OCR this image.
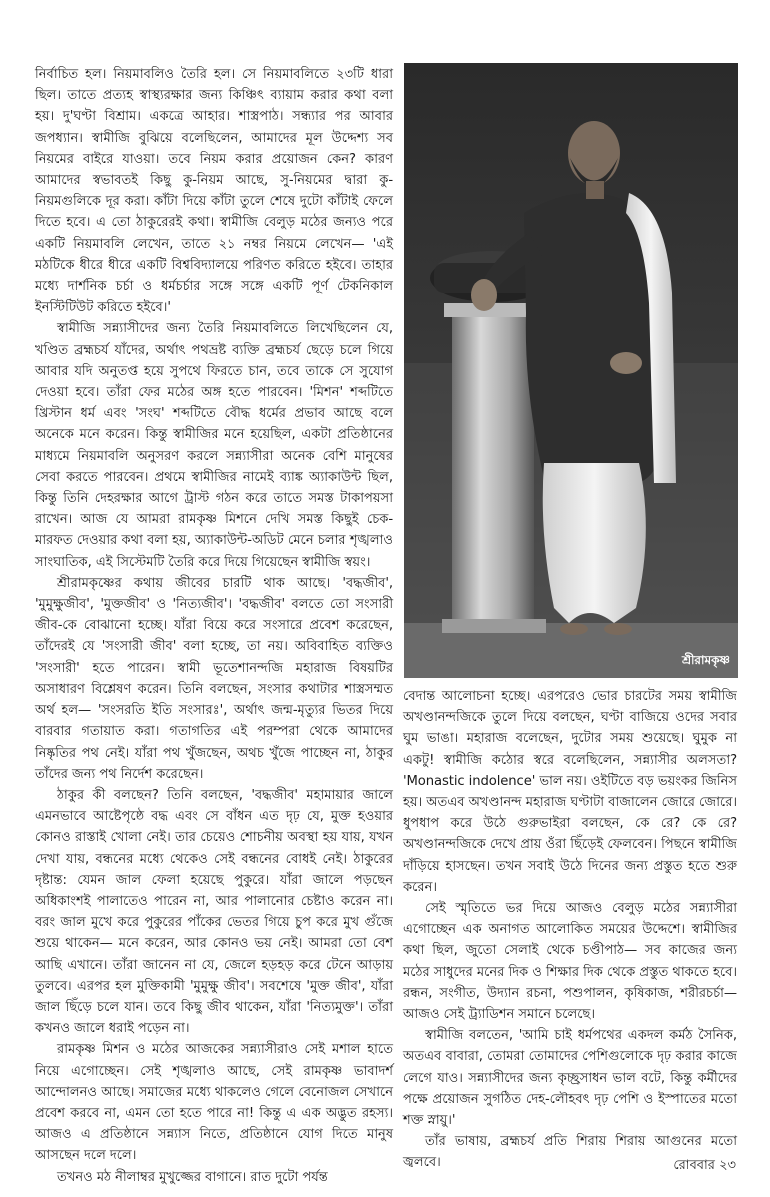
নির্বাচিত হল। নিয়মাবলিও তৈরি হল। সে নিয়মাবলিতে ২৩টি ধারা ছিল। তাতে প্রত্যহ স্বাস্থ্যরক্ষার জন্য কিঞ্চিৎ ব্যায়াম করার কথা বলা হয়। দু'ঘণ্টা বিশ্রাম। একত্রে আহার। শাস্ত্রপাঠ। সন্ধ্যার পর আবার জপধ্যান। স্বামীজি বুঝিয়ে বলেছিলেন, আমাদের মূল উদ্দেশ্য সব নিয়মের বাইরে যাওয়া। তবে নিয়ম করার প্রয়োজন কেন? কারণ আমাদের স্বভাবতই কিছু কু-নিয়ম আছে, সু-নিয়মের দ্বারা কু-নিয়মগুলিকে দূর করা। কাঁটা দিয়ে কাঁটা তুলে শেষে দুটো কাঁটাই ফেলে দিতে হবে। এ তো ঠাকুরেরই কথা। স্বামীজি বেলুড় মঠের জন্যও পরে একটি নিয়মাবলি লেখেন, তাতে ২১ নম্বর নিয়মে লেখেন— 'এই মঠটিকে ধীরে ধীরে একটি বিশ্ববিদ্যালয়ে পরিণত করিতে হইবে। তাহার মধ্যে দার্শনিক চর্চা ও ধর্মচর্চার সঙ্গে সঙ্গে একটি পূর্ণ টেকনিকাল ইনস্টিটিউট করিতে হইবে।'

স্বামীজি সন্ন্যাসীদের জন্য তৈরি নিয়মাবলিতে লিখেছিলেন যে, খণ্ডিত ব্রহ্মচর্য যাঁদের, অর্থাৎ পথভ্রষ্ট ব্যক্তি ব্রহ্মচর্য ছেড়ে চলে গিয়ে আবার যদি অনুতপ্ত হয়ে সুপথে ফিরতে চান, তবে তাকে সে সুযোগ দেওয়া হবে। তাঁরা ফের মঠের অঙ্গ হতে পারবেন। 'মিশন' শব্দটিতে খ্রিস্টান ধর্ম এবং 'সংঘ' শব্দটিতে বৌদ্ধ ধর্মের প্রভাব আছে বলে অনেকে মনে করেন। কিন্তু স্বামীজির মনে হয়েছিল, একটা প্রতিষ্ঠানের মাধ্যমে নিয়মাবলি অনুসরণ করলে সন্ন্যাসীরা অনেক বেশি মানুষের সেবা করতে পারবেন। প্রথমে স্বামীজির নামেই ব্যাঙ্ক অ্যাকাউন্ট ছিল, কিন্তু তিনি দেহরক্ষার আগে ট্রাস্ট গঠন করে তাতে সমস্ত টাকাপয়সা রাখেন। আজ যে আমরা রামকৃষ্ণ মিশনে দেখি সমস্ত কিছুই চেক-মারফত দেওয়ার কথা বলা হয়, অ্যাকাউন্ট-অডিট মেনে চলার শৃঙ্খলাও সাংঘাতিক, এই সিস্টেমটি তৈরি করে দিয়ে গিয়েছেন স্বামীজি স্বয়ং।

শ্রীরামকৃষ্ণের কথায় জীবের চারটি থাক আছে। 'বদ্ধজীব', 'মুমুক্ষুজীব', 'মুক্তজীব' ও 'নিত্যজীব'। 'বদ্ধজীব' বলতে তো সংসারী জীব-কে বোঝানো হচ্ছে। যাঁরা বিয়ে করে সংসারে প্রবেশ করেছেন, তাঁদেরই যে 'সংসারী জীব' বলা হচ্ছে, তা নয়। অবিবাহিত ব্যক্তিও 'সংসারী' হতে পারেন। স্বামী ভূতেশানন্দজি মহারাজ বিষয়টির অসাধারণ বিশ্লেষণ করেন। তিনি বলছেন, সংসার কথাটার শাস্ত্রসম্মত অর্থ হল— 'সংসরতি ইতি সংসারঃ', অর্থাৎ জন্ম-মৃত্যুর ভিতর দিয়ে বারবার গতায়াত করা। গতাগতির এই পরম্পরা থেকে আমাদের নিষ্কৃতির পথ নেই। যাঁরা পথ খুঁজছেন, অথচ খুঁজে পাচ্ছেন না, ঠাকুর তাঁদের জন্য পথ নির্দেশ করেছেন।

ঠাকুর কী বলছেন? তিনি বলছেন, 'বদ্ধজীব' মহামায়ার জালে এমনভাবে আষ্টেপৃষ্ঠে বদ্ধ এবং সে বাঁধন এত দৃঢ় যে, মুক্ত হওয়ার কোনও রাস্তাই খোলা নেই। তার চেয়েও শোচনীয় অবস্থা হয় যায়, যখন দেখা যায়, বন্ধনের মধ্যে থেকেও সেই বন্ধনের বোধই নেই। ঠাকুরের দৃষ্টান্ত: যেমন জাল ফেলা হয়েছে পুকুরে। যাঁরা জালে পড়ছেন অধিকাংশই পালাতেও পারেন না, আর পালানোর চেষ্টাও করেন না। বরং জাল মুখে করে পুকুরের পাঁকের ভেতর গিয়ে চুপ করে মুখ গুঁজে শুয়ে থাকেন— মনে করেন, আর কোনও ভয় নেই। আমরা তো বেশ আছি এখানে। তাঁরা জানেন না যে, জেলে হড়হড় করে টেনে আড়ায় তুলবে। এরপর হল মুক্তিকামী 'মুমুক্ষু জীব'। সবশেষে 'মুক্ত জীব', যাঁরা জাল ছিঁড়ে চলে যান। তবে কিছু জীব থাকেন, যাঁরা 'নিত্যমুক্ত'। তাঁরা কখনও জালে ধরাই পড়েন না।

রামকৃষ্ণ মিশন ও মঠের আজকের সন্ন্যাসীরাও সেই মশাল হাতে নিয়ে এগোচ্ছেন। সেই শৃঙ্খলাও আছে, সেই রামকৃষ্ণ ভাবাদর্শ আন্দোলনও আছে। সমাজের মধ্যে থাকলেও গেলে বেনোজল সেখানে প্রবেশ করবে না, এমন তো হতে পারে না! কিন্তু এ এক অদ্ভুত রহস্য। আজও এ প্রতিষ্ঠানে সন্ন্যাস নিতে, প্রতিষ্ঠানে যোগ দিতে মানুষ আসছেন দলে দলে।

তখনও মঠ নীলাম্বর মুখুজ্জের বাগানে। রাত দুটো পর্যন্ত

শ্রীরামকৃষ্ণ

বেদান্ত আলোচনা হচ্ছে। এরপরেও ভোর চারটের সময় স্বামীজি অখণ্ডানন্দজিকে তুলে দিয়ে বলছেন, ঘণ্টা বাজিয়ে ওদের সবার ঘুম ভাঙা। মহারাজ বলেছেন, দুটোর সময় শুয়েছে। ঘুমুক না একটু! স্বামীজি কঠোর স্বরে বলেছিলেন, সন্ন্যাসীর অলসতা? 'Monastic indolence' ভাল নয়। ওইটিতে বড় ভয়ংকর জিনিস হয়। অতএব অখণ্ডানন্দ মহারাজ ঘণ্টাটা বাজালেন জোরে জোরে। ধুপধাপ করে উঠে গুরুভাইরা বলছেন, কে রে? কে রে? অখণ্ডানন্দজিকে দেখে প্রায় ওঁরা ছিঁড়েই ফেলবেন। পিছনে স্বামীজি দাঁড়িয়ে হাসছেন। তখন সবাই উঠে দিনের জন্য প্রস্তুত হতে শুরু করেন।

সেই স্মৃতিতে ভর দিয়ে আজও বেলুড় মঠের সন্ন্যাসীরা এগোচ্ছেন এক অনাগত আলোকিত সময়ের উদ্দেশে। স্বামীজির কথা ছিল, জুতো সেলাই থেকে চণ্ডীপাঠ— সব কাজের জন্য মঠের সাধুদের মনের দিক ও শিক্ষার দিক থেকে প্রস্তুত থাকতে হবে। রন্ধন, সংগীত, উদ্যান রচনা, পশুপালন, কৃষিকাজ, শরীরচর্চা— আজও সেই ট্র্যাডিশন সমানে চলেছে।

স্বামীজি বলতেন, 'আমি চাই ধর্মপথের একদল কর্মঠ সৈনিক, অতএব বাবারা, তোমরা তোমাদের পেশিগুলোকে দৃঢ় করার কাজে লেগে যাও। সন্ন্যাসীদের জন্য কৃচ্ছ্রসাধন ভাল বটে, কিন্তু কর্মীদের পক্ষে প্রয়োজন সুগঠিত দেহ-লৌহবৎ দৃঢ় পেশি ও ইস্পাতের মতো শক্ত স্নায়ু।'

তাঁর ভাষায়, ব্রহ্মচর্য প্রতি শিরায় শিরায় আগুনের মতো জ্বলবে।	রোববার ২৩
